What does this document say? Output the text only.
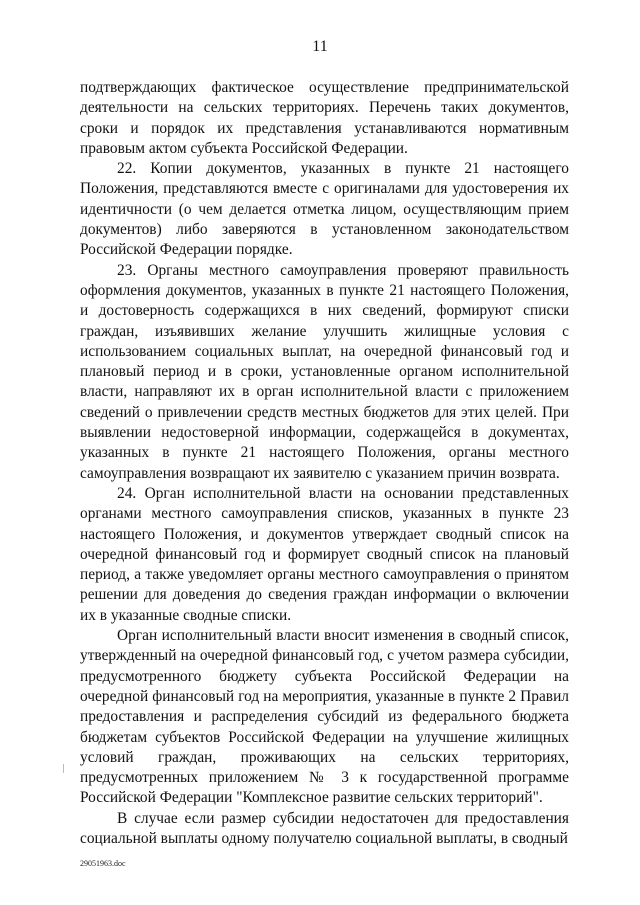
11

подтверждающих фактическое осуществление предпринимательской деятельности на сельских территориях. Перечень таких документов, сроки и порядок их представления устанавливаются нормативным правовым актом субъекта Российской Федерации.

22. Копии документов, указанных в пункте 21 настоящего Положения, представляются вместе с оригиналами для удостоверения их идентичности (о чем делается отметка лицом, осуществляющим прием документов) либо заверяются в установленном законодательством Российской Федерации порядке.

23. Органы местного самоуправления проверяют правильность оформления документов, указанных в пункте 21 настоящего Положения, и достоверность содержащихся в них сведений, формируют списки граждан, изъявивших желание улучшить жилищные условия с использованием социальных выплат, на очередной финансовый год и плановый период и в сроки, установленные органом исполнительной власти, направляют их в орган исполнительной власти с приложением сведений о привлечении средств местных бюджетов для этих целей. При выявлении недостоверной информации, содержащейся в документах, указанных в пункте 21 настоящего Положения, органы местного самоуправления возвращают их заявителю с указанием причин возврата.

24. Орган исполнительной власти на основании представленных органами местного самоуправления списков, указанных в пункте 23 настоящего Положения, и документов утверждает сводный список на очередной финансовый год и формирует сводный список на плановый период, а также уведомляет органы местного самоуправления о принятом решении для доведения до сведения граждан информации о включении их в указанные сводные списки.

Орган исполнительный власти вносит изменения в сводный список, утвержденный на очередной финансовый год, с учетом размера субсидии, предусмотренного бюджету субъекта Российской Федерации на очередной финансовый год на мероприятия, указанные в пункте 2 Правил предоставления и распределения субсидий из федерального бюджета бюджетам субъектов Российской Федерации на улучшение жилищных условий граждан, проживающих на сельских территориях, предусмотренных приложением № 3 к государственной программе Российской Федерации "Комплексное развитие сельских территорий".

В случае если размер субсидии недостаточен для предоставления социальной выплаты одному получателю социальной выплаты, в сводный

29051963.doc
